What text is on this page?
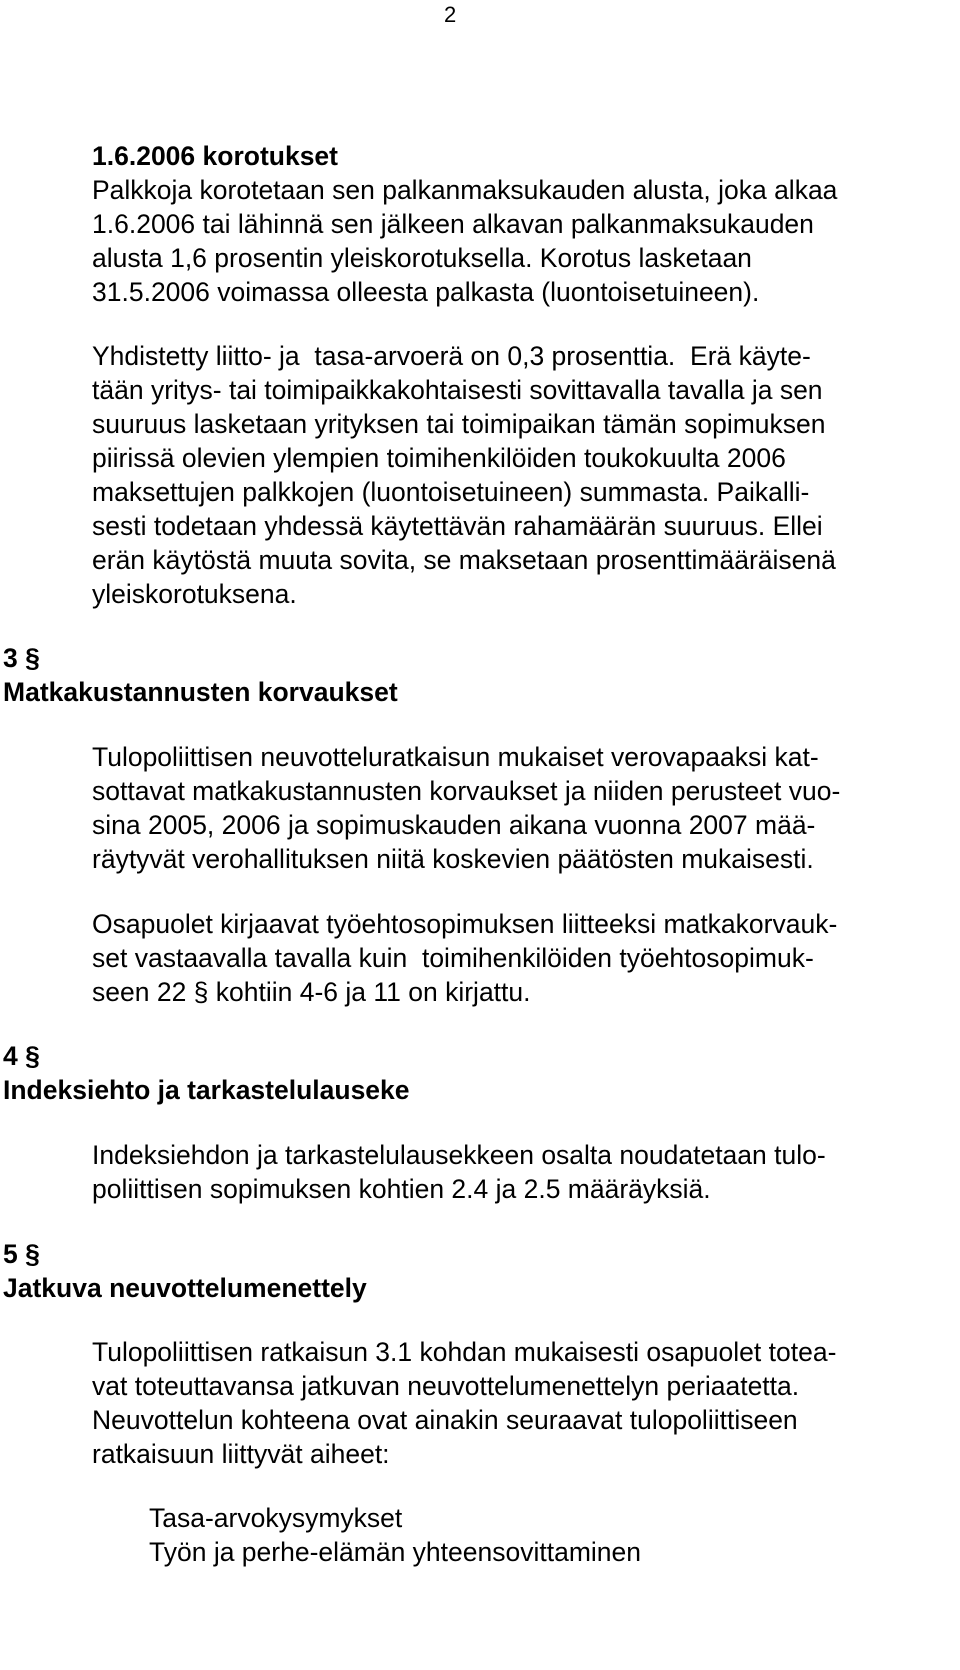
2
1.6.2006 korotukset
Palkkoja korotetaan sen palkanmaksukauden alusta, joka alkaa
1.6.2006 tai lähinnä sen jälkeen alkavan palkanmaksukauden
alusta 1,6 prosentin yleiskorotuksella. Korotus lasketaan
31.5.2006 voimassa olleesta palkasta (luontoisetuineen).
Yhdistetty liitto- ja  tasa-arvoerä on 0,3 prosenttia.  Erä käyte-
tään yritys- tai toimipaikkakohtaisesti sovittavalla tavalla ja sen
suuruus lasketaan yrityksen tai toimipaikan tämän sopimuksen
piirissä olevien ylempien toimihenkilöiden toukokuulta 2006
maksettujen palkkojen (luontoisetuineen) summasta. Paikalli-
sesti todetaan yhdessä käytettävän rahamäärän suuruus. Ellei
erän käytöstä muuta sovita, se maksetaan prosenttimääräisenä
yleiskorotuksena.
3 §
Matkakustannusten korvaukset
Tulopoliittisen neuvotteluratkaisun mukaiset verovapaaksi kat-
sottavat matkakustannusten korvaukset ja niiden perusteet vuo-
sina 2005, 2006 ja sopimuskauden aikana vuonna 2007 mää-
räytyvät verohallituksen niitä koskevien päätösten mukaisesti.
Osapuolet kirjaavat työehtosopimuksen liitteeksi matkakorvauk-
set vastaavalla tavalla kuin  toimihenkilöiden työehtosopimuk-
seen 22 § kohtiin 4-6 ja 11 on kirjattu.
4 §
Indeksiehto ja tarkastelulauseke
Indeksiehdon ja tarkastelulausekkeen osalta noudatetaan tulo-
poliittisen sopimuksen kohtien 2.4 ja 2.5 määräyksiä.
5 §
Jatkuva neuvottelumenettely
Tulopoliittisen ratkaisun 3.1 kohdan mukaisesti osapuolet totea-
vat toteuttavansa jatkuvan neuvottelumenettelyn periaatetta.
Neuvottelun kohteena ovat ainakin seuraavat tulopoliittiseen
ratkaisuun liittyvät aiheet:
Tasa-arvokysymykset
Työn ja perhe-elämän yhteensovittaminen
